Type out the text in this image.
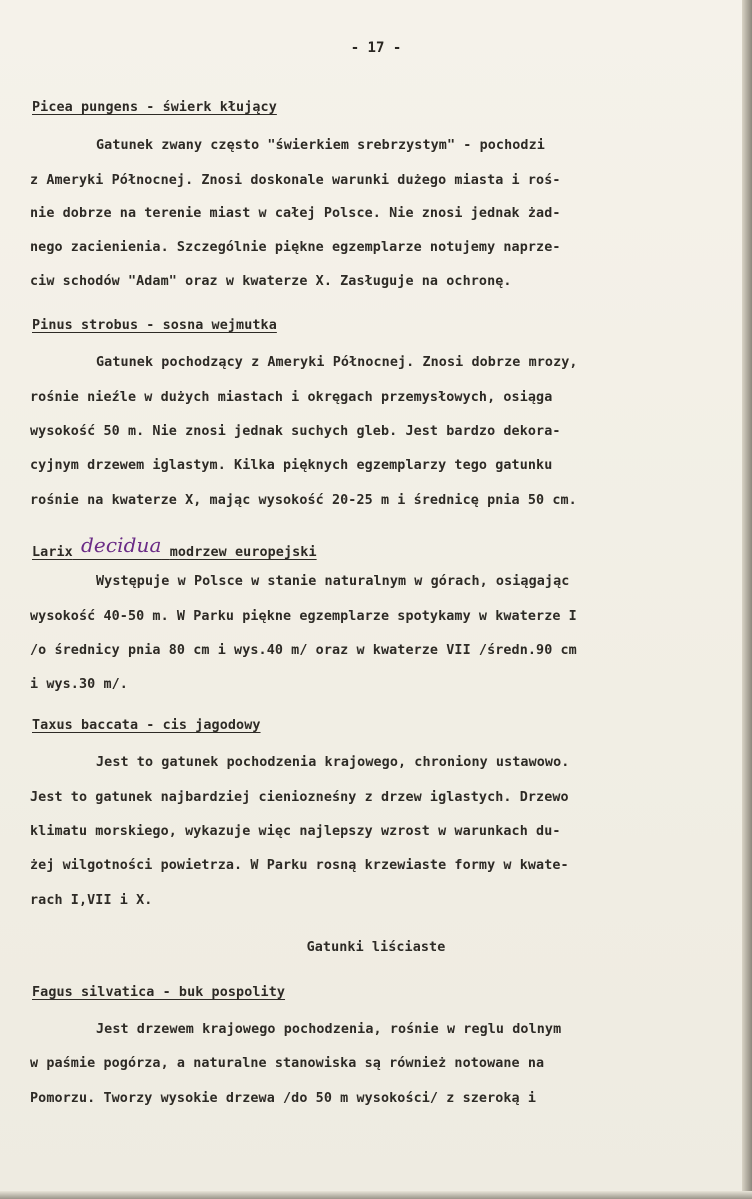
- 17 -
Picea pungens - świerk kłujący
Gatunek zwany często "świerkiem srebrzystym" - pochodzi
z Ameryki Północnej. Znosi doskonale warunki dużego miasta i roś-
nie dobrze na terenie miast w całej Polsce. Nie znosi jednak żad-
nego zacienienia. Szczególnie piękne egzemplarze notujemy naprze-
ciw schodów "Adam" oraz w kwaterze X. Zasługuje na ochronę.
Pinus strobus - sosna wejmutka
Gatunek pochodzący z Ameryki Północnej. Znosi dobrze mrozy,
rośnie nieźle w dużych miastach i okręgach przemysłowych, osiąga
wysokość 50 m. Nie znosi jednak suchych gleb. Jest bardzo dekora-
cyjnym drzewem iglastym. Kilka pięknych egzemplarzy tego gatunku
rośnie na kwaterze X, mając wysokość 20-25 m i średnicę pnia 50 cm.
Larix decidua modrzew europejski
Występuje w Polsce w stanie naturalnym w górach, osiągając
wysokość 40-50 m. W Parku piękne egzemplarze spotykamy w kwaterze I
/o średnicy pnia 80 cm i wys.40 m/ oraz w kwaterze VII /średn.90 cm
i wys.30 m/.
Taxus baccata - cis jagodowy
Jest to gatunek pochodzenia krajowego, chroniony ustawowo.
Jest to gatunek najbardziej cieniozneśny z drzew iglastych. Drzewo
klimatu morskiego, wykazuje więc najlepszy wzrost w warunkach du-
żej wilgotności powietrza. W Parku rosną krzewiaste formy w kwate-
rach I,VII i X.
Gatunki liściaste
Fagus silvatica - buk pospolity
Jest drzewem krajowego pochodzenia, rośnie w reglu dolnym
w paśmie pogórza, a naturalne stanowiska są również notowane na
Pomorzu. Tworzy wysokie drzewa /do 50 m wysokości/ z szeroką i
